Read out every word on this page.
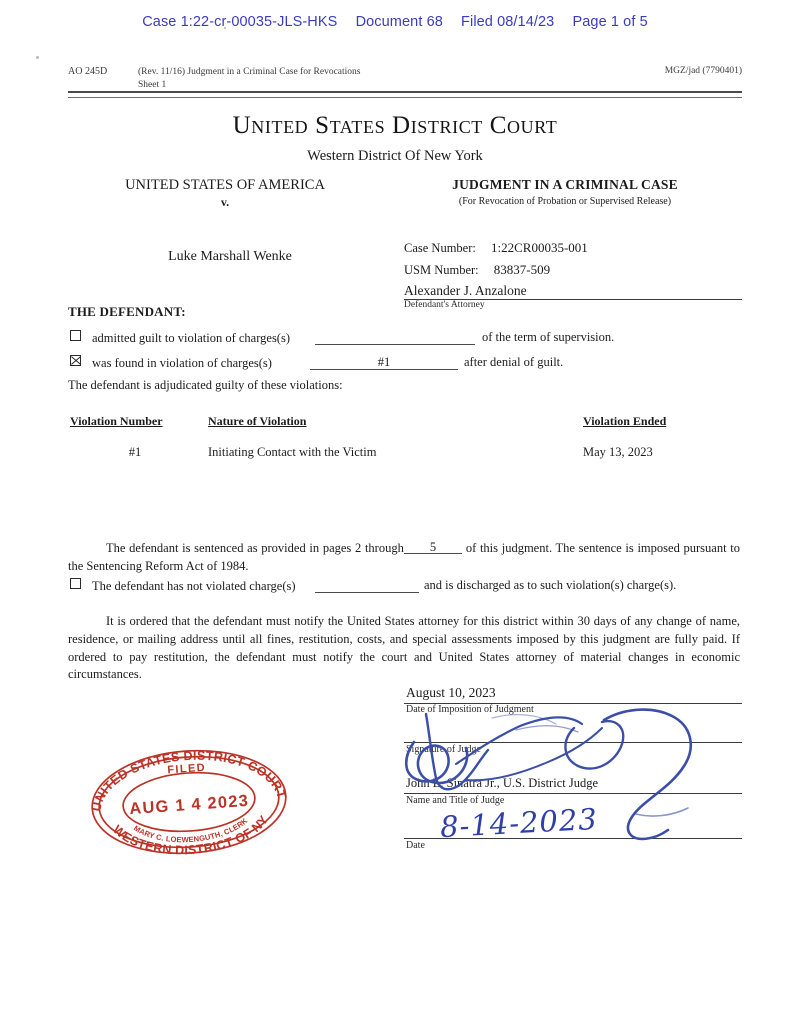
Case 1:22-cr-00035-JLS-HKS Document 68 Filed 08/14/23 Page 1 of 5
AO 245D	(Rev. 11/16) Judgment in a Criminal Case for Revocations
Sheet 1
MGZ/jad (7790401)
United States District Court
Western District Of New York
UNITED STATES OF AMERICA
v.
Luke Marshall Wenke
JUDGMENT IN A CRIMINAL CASE
(For Revocation of Probation or Supervised Release)
Case Number: 1:22CR00035-001
USM Number: 83837-509
Alexander J. Anzalone
Defendant's Attorney
THE DEFENDANT:
admitted guilt to violation of charges(s)	of the term of supervision.
was found in violation of charges(s)	#1	after denial of guilt.
The defendant is adjudicated guilty of these violations:
Violation Number	Nature of Violation	Violation Ended
#1	Initiating Contact with the Victim	May 13, 2023
The defendant is sentenced as provided in pages 2 through	of this judgment. The sentence is imposed pursuant to the Sentencing Reform Act of 1984.
5
The defendant has not violated charge(s)	and is discharged as to such violation(s) charge(s).
It is ordered that the defendant must notify the United States attorney for this district within 30 days of any change of name, residence, or mailing address until all fines, restitution, costs, and special assessments imposed by this judgment are fully paid. If ordered to pay restitution, the defendant must notify the court and United States attorney of material changes in economic circumstances.
August 10, 2023
Date of Imposition of Judgment
Signature of Judge
John L. Sinatra Jr., U.S. District Judge
Name and Title of Judge
Date
8-14-2023
UNITED STATES DISTRICT COURT
FILED
AUG 1 4 2023
MARY C. LOEWENGUTH, CLERK
WESTERN DISTRICT OF NY
